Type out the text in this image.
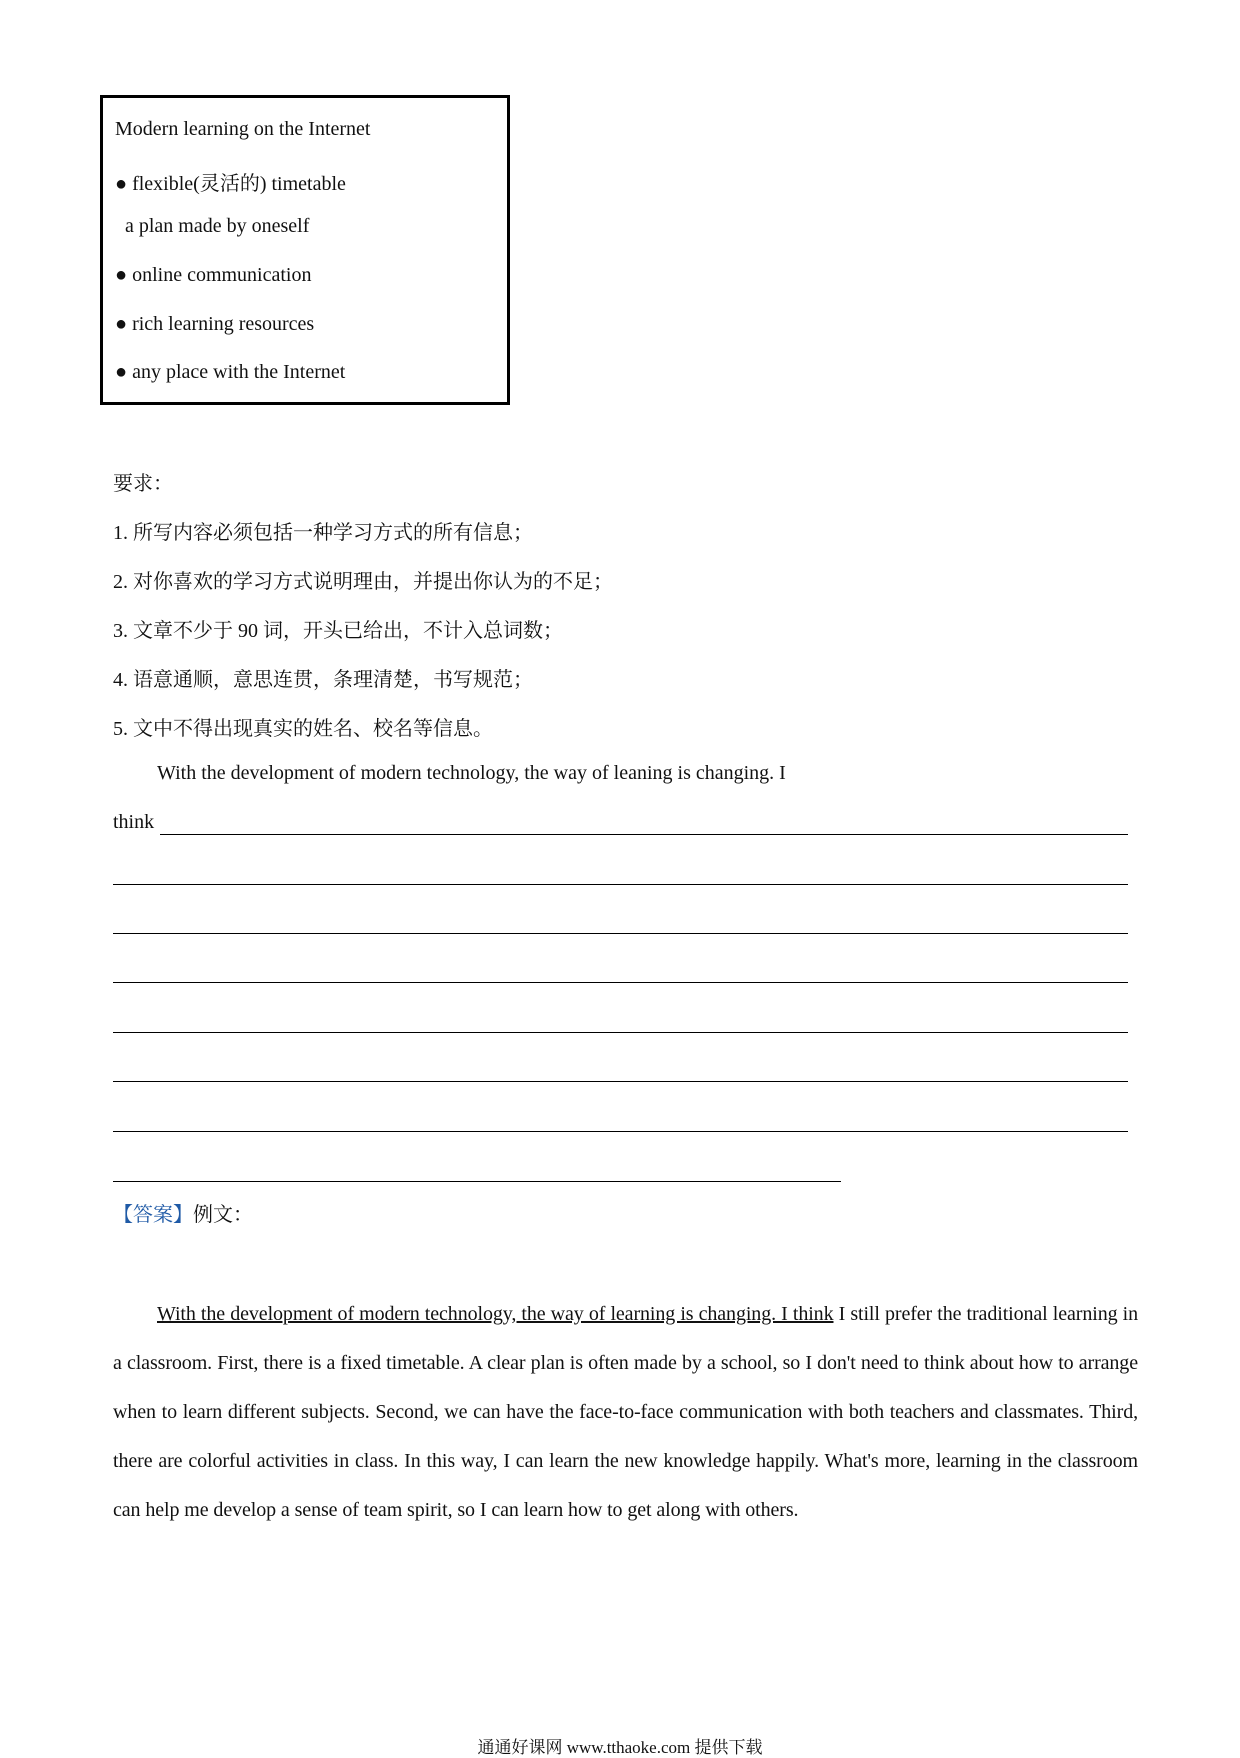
Modern learning on the Internet
● flexible(灵活的) timetable
a plan made by oneself
● online communication
● rich learning resources
● any place with the Internet
要求：
1. 所写内容必须包括一种学习方式的所有信息；
2. 对你喜欢的学习方式说明理由，并提出你认为的不足；
3. 文章不少于 90 词，开头已给出，不计入总词数；
4. 语意通顺，意思连贯，条理清楚，书写规范；
5. 文中不得出现真实的姓名、校名等信息。
With the development of modern technology, the way of leaning is changing. I
think
【答案】例文：

With the development of modern technology, the way of learning is changing. I think I still prefer the traditional learning in a classroom. First, there is a fixed timetable. A clear plan is often made by a school, so I don't need to think about how to arrange when to learn different subjects. Second, we can have the face-to-face communication with both teachers and classmates. Third, there are colorful activities in class. In this way, I can learn the new knowledge happily. What's more, learning in the classroom can help me develop a sense of team spirit, so I can learn how to get along with others.

通通好课网 www.tthaoke.com 提供下载
